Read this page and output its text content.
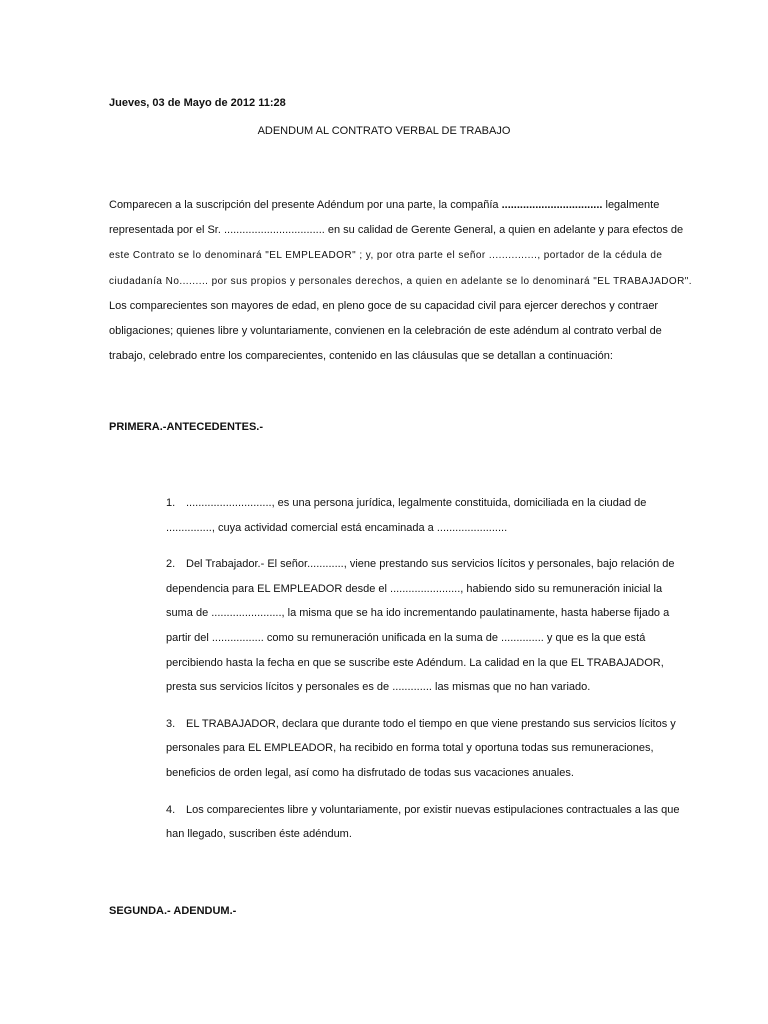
Jueves, 03 de Mayo de 2012 11:28
ADENDUM AL CONTRATO VERBAL DE TRABAJO
Comparecen a la suscripción del presente Adéndum por una parte, la compañía ................................. legalmente
representada por el Sr. ................................. en su calidad de Gerente General, a quien en adelante y para efectos de
este Contrato se lo denominará "EL EMPLEADOR" ; y, por otra parte el señor ..............., portador de la cédula de
ciudadanía No......... por sus propios y personales derechos, a quien en adelante se lo denominará "EL TRABAJADOR".
Los comparecientes son mayores de edad, en pleno goce de su capacidad civil para ejercer derechos y contraer
obligaciones; quienes libre y voluntariamente, convienen en la celebración de este adéndum al contrato verbal de
trabajo, celebrado entre los comparecientes, contenido en las cláusulas que se detallan a continuación:
PRIMERA.-ANTECEDENTES.-
1. ............................, es una persona jurídica, legalmente constituida, domiciliada en la ciudad de
..............., cuya actividad comercial está encaminada a .......................
2. Del Trabajador.- El señor............, viene prestando sus servicios lícitos y personales, bajo relación de
dependencia para EL EMPLEADOR desde el ......................., habiendo sido su remuneración inicial la
suma de ......................., la misma que se ha ido incrementando paulatinamente, hasta haberse fijado a
partir del ................. como su remuneración unificada en la suma de .............. y que es la que está
percibiendo hasta la fecha en que se suscribe este Adéndum. La calidad en la que EL TRABAJADOR,
presta sus servicios lícitos y personales es de ............. las mismas que no han variado.
3. EL TRABAJADOR, declara que durante todo el tiempo en que viene prestando sus servicios lícitos y
personales para EL EMPLEADOR, ha recibido en forma total y oportuna todas sus remuneraciones,
beneficios de orden legal, así como ha disfrutado de todas sus vacaciones anuales.
4. Los comparecientes libre y voluntariamente, por existir nuevas estipulaciones contractuales a las que
han llegado, suscriben éste adéndum.
SEGUNDA.- ADENDUM.-
